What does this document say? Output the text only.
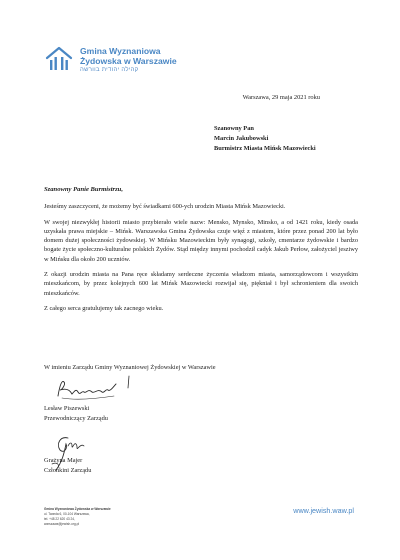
Gmina Wyznaniowa
Żydowska w Warszawie
קהילה יהודית בוורשה
Warszawa, 29 maja 2021 roku
Szanowny Pan
Marcin Jakubowski
Burmistrz Miasta Mińsk Mazowiecki
Szanowny Panie Burmistrzu,

Jesteśmy zaszczyceni, że możemy być świadkami 600-ych urodzin Miasta Mińsk Mazowiecki.

W swojej niezwykłej historii miasto przybierało wiele nazw: Mensko, Mynsko, Minsko, a od 1421 roku, kiedy osada uzyskała prawa miejskie – Mińsk. Warszawska Gmina Żydowska czuje więź z miastem, które przez ponad 200 lat było domem dużej społeczności żydowskiej. W Mińsku Mazowieckim były synagogi, szkoły, cmentarze żydowskie i bardzo bogate życie społeczno-kulturalne polskich Żydów. Stąd między innymi pochodził cadyk Jakub Perłow, założyciel jesziwy w Mińsku dla około 200 uczniów.

Z okazji urodzin miasta na Pana ręce składamy serdeczne życzenia władzom miasta, samorządowcom i wszystkim mieszkańcom, by przez kolejnych 600 lat Mińsk Mazowiecki rozwijał się, piękniał i był schronieniem dla swoich mieszkańców.

Z całego serca gratulujemy tak zacnego wieku.

W imieniu Zarządu Gminy Wyznaniowej Żydowskiej w Warszawie
Lesław Piszewski
Przewodniczący Zarządu
Grażyna Majer
Członkini Zarządu
Gmina Wyznaniowa Żydowska w Warszawie
ul. Twarda 6, 00-104 Warszawa,
tel. +48 22 620 43 24,
warszawa@jewish.org.pl
www.jewish.waw.pl
